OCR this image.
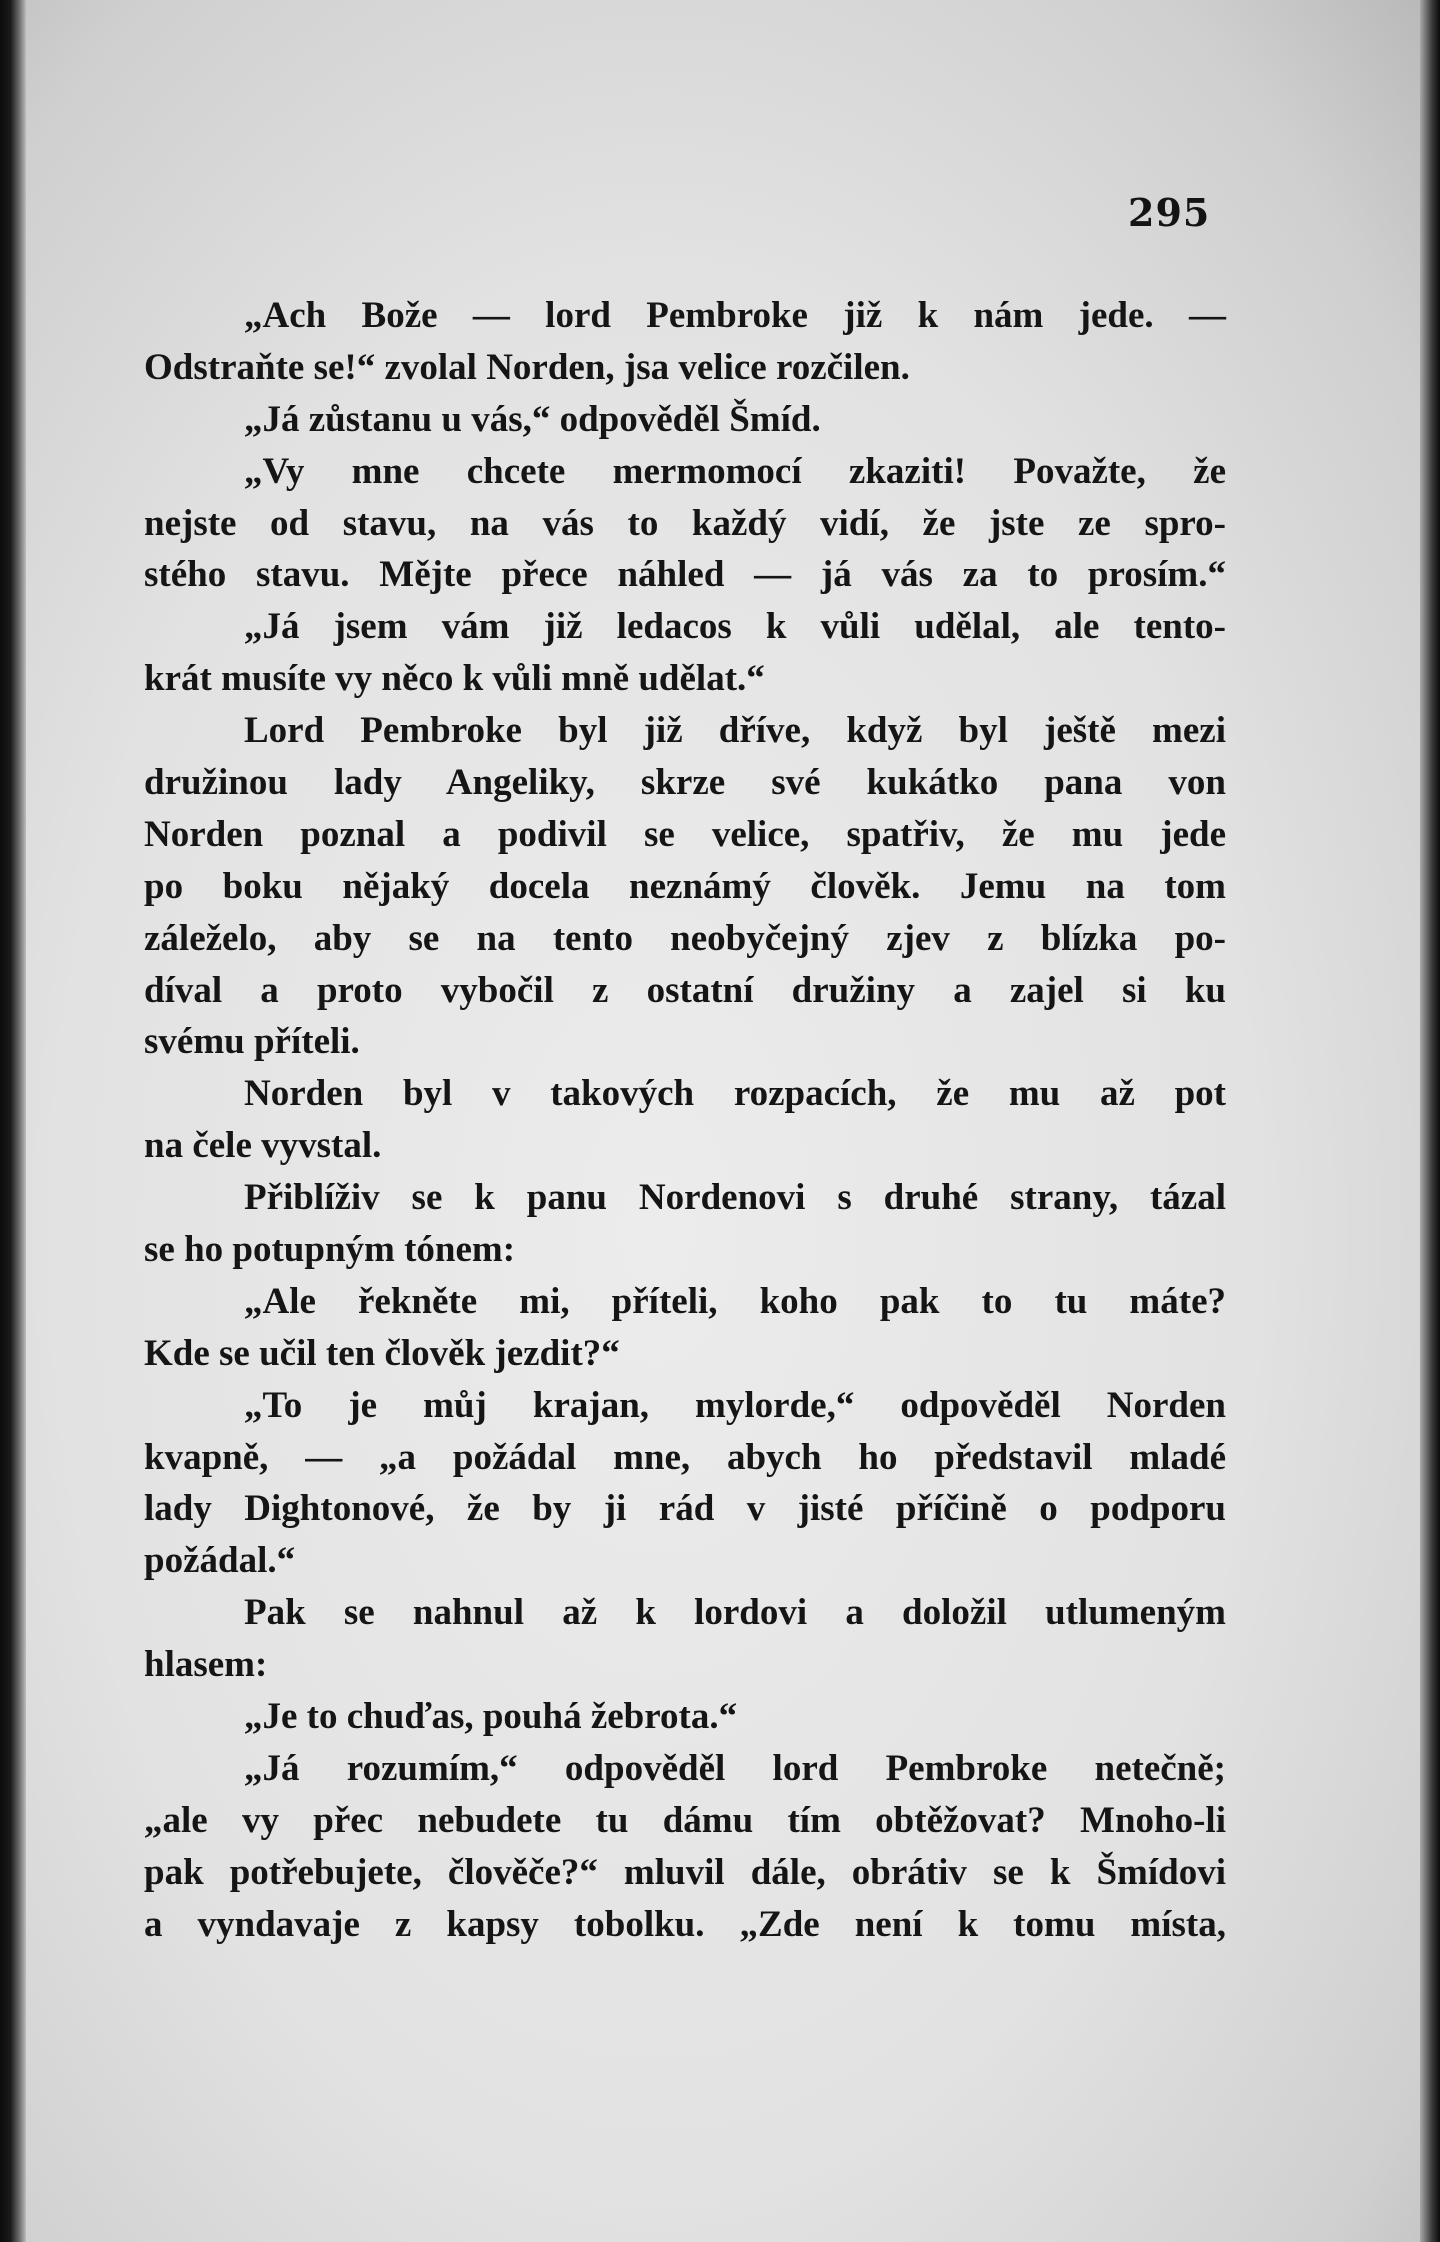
295
„Ach Bože — lord Pembroke již k nám jede. —
Odstraňte se!“ zvolal Norden, jsa velice rozčilen.
„Já zůstanu u vás,“ odpověděl Šmíd.
„Vy mne chcete mermomocí zkaziti! Považte, že
nejste od stavu, na vás to každý vidí, že jste ze spro-
stého stavu. Mějte přece náhled — já vás za to prosím.“
„Já jsem vám již ledacos k vůli udělal, ale tento-
krát musíte vy něco k vůli mně udělat.“
Lord Pembroke byl již dříve, když byl ještě mezi
družinou lady Angeliky, skrze své kukátko pana von
Norden poznal a podivil se velice, spatřiv, že mu jede
po boku nějaký docela neznámý člověk. Jemu na tom
záleželo, aby se na tento neobyčejný zjev z blízka po-
díval a proto vybočil z ostatní družiny a zajel si ku
svému příteli.
Norden byl v takových rozpacích, že mu až pot
na čele vyvstal.
Přiblíživ se k panu Nordenovi s druhé strany, tázal
se ho potupným tónem:
„Ale řekněte mi, příteli, koho pak to tu máte?
Kde se učil ten člověk jezdit?“
„To je můj krajan, mylorde,“ odpověděl Norden
kvapně, — „a požádal mne, abych ho představil mladé
lady Dightonové, že by ji rád v jisté příčině o podporu
požádal.“
Pak se nahnul až k lordovi a doložil utlumeným
hlasem:
„Je to chuďas, pouhá žebrota.“
„Já rozumím,“ odpověděl lord Pembroke netečně;
„ale vy přec nebudete tu dámu tím obtěžovat? Mnoho-li
pak potřebujete, člověče?“ mluvil dále, obrátiv se k Šmídovi
a vyndavaje z kapsy tobolku. „Zde není k tomu místa,
